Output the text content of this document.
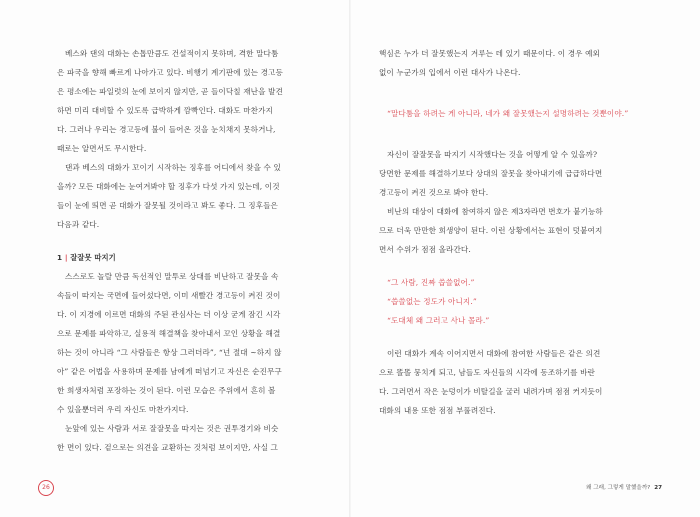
베스와 댄의 대화는 손톱만큼도 건설적이지 못하며, 격한 말다툼
은 파국을 향해 빠르게 나아가고 있다. 비행기 계기판에 있는 경고등
은 평소에는 파일럿의 눈에 보이지 않지만, 곧 들이닥칠 재난을 발견
하면 미리 대비할 수 있도록 급박하게 깜빡인다. 대화도 마찬가지
다. 그러나 우리는 경고등에 불이 들어온 것을 눈치채지 못하거나,
때로는 알면서도 무시한다.
댄과 베스의 대화가 꼬이기 시작하는 징후를 어디에서 찾을 수 있
을까? 모든 대화에는 눈여겨봐야 할 징후가 다섯 가지 있는데, 이것
들이 눈에 띄면 곧 대화가 잘못될 것이라고 봐도 좋다. 그 징후들은
다음과 같다.
1 | 잘잘못 따지기
스스로도 놀랄 만큼 독선적인 말투로 상대를 비난하고 잘못을 속
속들이 따지는 국면에 들어섰다면, 이미 새빨간 경고등이 켜진 것이
다. 이 지경에 이르면 대화의 주된 관심사는 더 이상 굳게 잠긴 시각
으로 문제를 파악하고, 실용적 해결책을 찾아내서 꼬인 상황을 해결
하는 것이 아니라 “그 사람들은 항상 그러더라”, “넌 절대 ~하지 않
아” 같은 어법을 사용하며 문제를 남에게 떠넘기고 자신은 순진무구
한 희생자처럼 포장하는 것이 된다. 이런 모습은 주위에서 흔히 볼
수 있을뿐더러 우리 자신도 마찬가지다.
눈앞에 있는 사람과 서로 잘잘못을 따지는 것은 권투경기와 비슷
한 면이 있다. 겉으로는 의견을 교환하는 것처럼 보이지만, 사실 그
26
핵심은 누가 더 잘못했는지 겨루는 데 있기 때문이다. 이 경우 예외
없이 누군가의 입에서 이런 대사가 나온다.
“말다툼을 하려는 게 아니라, 네가 왜 잘못했는지 설명하려는 것뿐이야.”
자신이 잘잘못을 따지기 시작했다는 것을 어떻게 알 수 있을까?
당면한 문제를 해결하기보다 상대의 잘못을 찾아내기에 급급하다면
경고등이 켜진 것으로 봐야 한다.
비난의 대상이 대화에 참여하지 않은 제3자라면 번호가 붙기능하
므로 더욱 만만한 희생양이 된다. 이런 상황에서는 표현이 덧붙여지
면서 수위가 점점 올라간다.
“그 사람, 진짜 씁쓸없어.”
“씁쓸없는 정도가 아니지.”
“도대체 왜 그러고 사나 몰라.”
이런 대화가 계속 이어지면서 대화에 참여한 사람들은 같은 의견
으로 똘똘 뭉치게 되고, 남들도 자신들의 시각에 동조하기를 바란
다. 그러면서 작은 눈덩이가 비탈길을 굴러 내려가며 점점 커지듯이
대화의 내용 또한 점점 부풀려진다.
왜 그래, 그렇게 말했을까? 27
